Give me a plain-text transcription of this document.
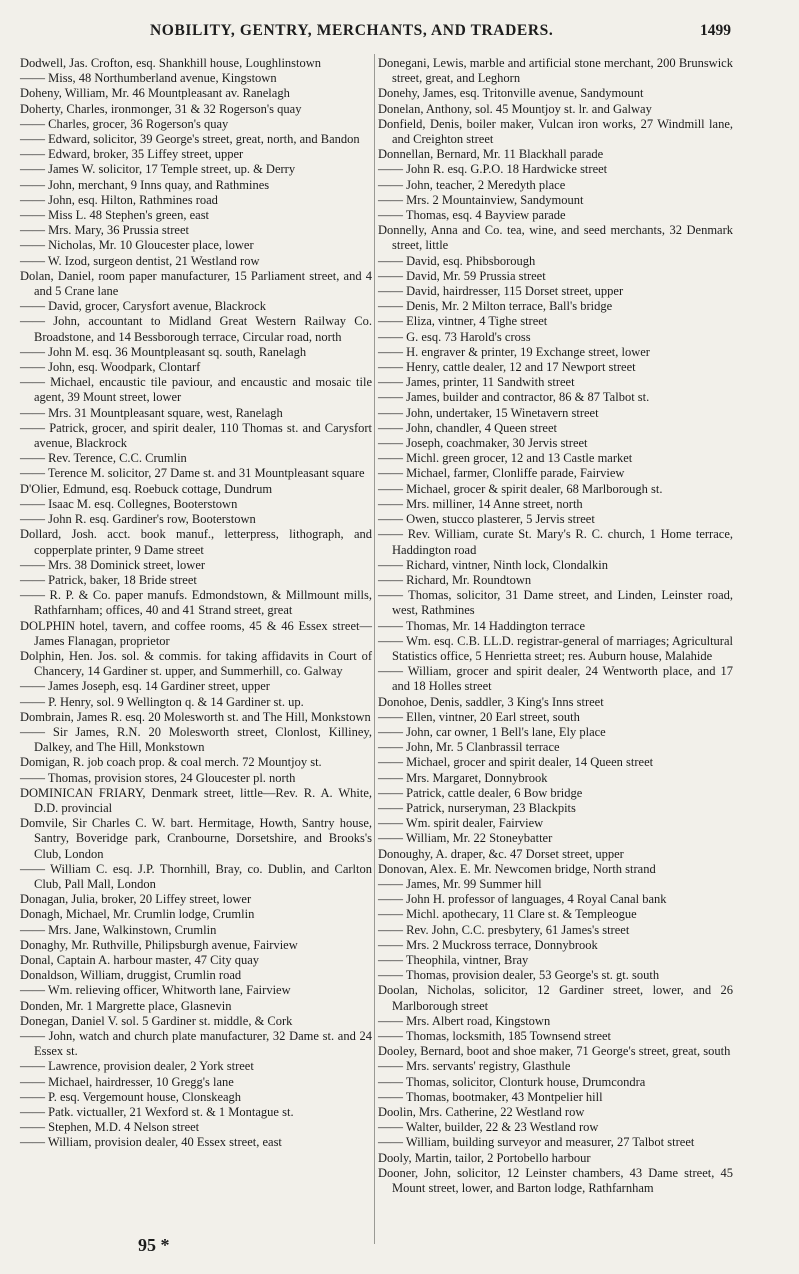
NOBILITY, GENTRY, MERCHANTS, AND TRADERS.	1499
Dodwell, Jas. Crofton, esq. Shankhill house, Loughlinstown
—— Miss, 48 Northumberland avenue, Kingstown
Doheny, William, Mr. 46 Mountpleasant av. Ranelagh
Doherty, Charles, ironmonger, 31 & 32 Rogerson's quay
—— Charles, grocer, 36 Rogerson's quay
—— Edward, solicitor, 39 George's street, great, north, and Bandon
—— Edward, broker, 35 Liffey street, upper
—— James W. solicitor, 17 Temple street, up. & Derry
—— John, merchant, 9 Inns quay, and Rathmines
—— John, esq. Hilton, Rathmines road
—— Miss L. 48 Stephen's green, east
—— Mrs. Mary, 36 Prussia street
—— Nicholas, Mr. 10 Gloucester place, lower
—— W. Izod, surgeon dentist, 21 Westland row
Dolan, Daniel, room paper manufacturer, 15 Parliament street, and 4 and 5 Crane lane
—— David, grocer, Carysfort avenue, Blackrock
—— John, accountant to Midland Great Western Railway Co. Broadstone, and 14 Bessborough terrace, Circular road, north
—— John M. esq. 36 Mountpleasant sq. south, Ranelagh
—— John, esq. Woodpark, Clontarf
—— Michael, encaustic tile paviour, and encaustic and mosaic tile agent, 39 Mount street, lower
—— Mrs. 31 Mountpleasant square, west, Ranelagh
—— Patrick, grocer, and spirit dealer, 110 Thomas st. and Carysfort avenue, Blackrock
—— Rev. Terence, C.C. Crumlin
—— Terence M. solicitor, 27 Dame st. and 31 Mountpleasant square
D'Olier, Edmund, esq. Roebuck cottage, Dundrum
—— Isaac M. esq. Collegnes, Booterstown
—— John R. esq. Gardiner's row, Booterstown
Dollard, Josh. acct. book manuf., letterpress, lithograph, and copperplate printer, 9 Dame street
—— Mrs. 38 Dominick street, lower
—— Patrick, baker, 18 Bride street
—— R. P. & Co. paper manufs. Edmondstown, & Millmount mills, Rathfarnham; offices, 40 and 41 Strand street, great
DOLPHIN hotel, tavern, and coffee rooms, 45 & 46 Essex street—James Flanagan, proprietor
Dolphin, Hen. Jos. sol. & commis. for taking affidavits in Court of Chancery, 14 Gardiner st. upper, and Summerhill, co. Galway
—— James Joseph, esq. 14 Gardiner street, upper
—— P. Henry, sol. 9 Wellington q. & 14 Gardiner st. up.
Dombrain, James R. esq. 20 Molesworth st. and The Hill, Monkstown
—— Sir James, R.N. 20 Molesworth street, Clonlost, Killiney, Dalkey, and The Hill, Monkstown
Domigan, R. job coach prop. & coal merch. 72 Mountjoy st.
—— Thomas, provision stores, 24 Gloucester pl. north
DOMINICAN FRIARY, Denmark street, little—Rev. R. A. White, D.D. provincial
Domvile, Sir Charles C. W. bart. Hermitage, Howth, Santry house, Santry, Boveridge park, Cranbourne, Dorsetshire, and Brooks's Club, London
—— William C. esq. J.P. Thornhill, Bray, co. Dublin, and Carlton Club, Pall Mall, London
Donagan, Julia, broker, 20 Liffey street, lower
Donagh, Michael, Mr. Crumlin lodge, Crumlin
—— Mrs. Jane, Walkinstown, Crumlin
Donaghy, Mr. Ruthville, Philipsburgh avenue, Fairview
Donal, Captain A. harbour master, 47 City quay
Donaldson, William, druggist, Crumlin road
—— Wm. relieving officer, Whitworth lane, Fairview
Donden, Mr. 1 Margrette place, Glasnevin
Donegan, Daniel V. sol. 5 Gardiner st. middle, & Cork
—— John, watch and church plate manufacturer, 32 Dame st. and 24 Essex st.
—— Lawrence, provision dealer, 2 York street
—— Michael, hairdresser, 10 Gregg's lane
—— P. esq. Vergemount house, Clonskeagh
—— Patk. victualler, 21 Wexford st. & 1 Montague st.
—— Stephen, M.D. 4 Nelson street
—— William, provision dealer, 40 Essex street, east
Donegani, Lewis, marble and artificial stone merchant, 200 Brunswick street, great, and Leghorn
Donehy, James, esq. Tritonville avenue, Sandymount
Donelan, Anthony, sol. 45 Mountjoy st. lr. and Galway
Donfield, Denis, boiler maker, Vulcan iron works, 27 Windmill lane, and Creighton street
Donnellan, Bernard, Mr. 11 Blackhall parade
—— John R. esq. G.P.O. 18 Hardwicke street
—— John, teacher, 2 Meredyth place
—— Mrs. 2 Mountainview, Sandymount
—— Thomas, esq. 4 Bayview parade
Donnelly, Anna and Co. tea, wine, and seed merchants, 32 Denmark street, little
—— David, esq. Phibsborough
—— David, Mr. 59 Prussia street
—— David, hairdresser, 115 Dorset street, upper
—— Denis, Mr. 2 Milton terrace, Ball's bridge
—— Eliza, vintner, 4 Tighe street
—— G. esq. 73 Harold's cross
—— H. engraver & printer, 19 Exchange street, lower
—— Henry, cattle dealer, 12 and 17 Newport street
—— James, printer, 11 Sandwith street
—— James, builder and contractor, 86 & 87 Talbot st.
—— John, undertaker, 15 Winetavern street
—— John, chandler, 4 Queen street
—— Joseph, coachmaker, 30 Jervis street
—— Michl. green grocer, 12 and 13 Castle market
—— Michael, farmer, Clonliffe parade, Fairview
—— Michael, grocer & spirit dealer, 68 Marlborough st.
—— Mrs. milliner, 14 Anne street, north
—— Owen, stucco plasterer, 5 Jervis street
—— Rev. William, curate St. Mary's R. C. church, 1 Home terrace, Haddington road
—— Richard, vintner, Ninth lock, Clondalkin
—— Richard, Mr. Roundtown
—— Thomas, solicitor, 31 Dame street, and Linden, Leinster road, west, Rathmines
—— Thomas, Mr. 14 Haddington terrace
—— Wm. esq. C.B. LL.D. registrar-general of marriages; Agricultural Statistics office, 5 Henrietta street; res. Auburn house, Malahide
—— William, grocer and spirit dealer, 24 Wentworth place, and 17 and 18 Holles street
Donohoe, Denis, saddler, 3 King's Inns street
—— Ellen, vintner, 20 Earl street, south
—— John, car owner, 1 Bell's lane, Ely place
—— John, Mr. 5 Clanbrassil terrace
—— Michael, grocer and spirit dealer, 14 Queen street
—— Mrs. Margaret, Donnybrook
—— Patrick, cattle dealer, 6 Bow bridge
—— Patrick, nurseryman, 23 Blackpits
—— Wm. spirit dealer, Fairview
—— William, Mr. 22 Stoneybatter
Donoughy, A. draper, &c. 47 Dorset street, upper
Donovan, Alex. E. Mr. Newcomen bridge, North strand
—— James, Mr. 99 Summer hill
—— John H. professor of languages, 4 Royal Canal bank
—— Michl. apothecary, 11 Clare st. & Templeogue
—— Rev. John, C.C. presbytery, 61 James's street
—— Mrs. 2 Muckross terrace, Donnybrook
—— Theophila, vintner, Bray
—— Thomas, provision dealer, 53 George's st. gt. south
Doolan, Nicholas, solicitor, 12 Gardiner street, lower, and 26 Marlborough street
—— Mrs. Albert road, Kingstown
—— Thomas, locksmith, 185 Townsend street
Dooley, Bernard, boot and shoe maker, 71 George's street, great, south
—— Mrs. servants' registry, Glasthule
—— Thomas, solicitor, Clonturk house, Drumcondra
—— Thomas, bootmaker, 43 Montpelier hill
Doolin, Mrs. Catherine, 22 Westland row
—— Walter, builder, 22 & 23 Westland row
—— William, building surveyor and measurer, 27 Talbot street
Dooly, Martin, tailor, 2 Portobello harbour
Dooner, John, solicitor, 12 Leinster chambers, 43 Dame street, 45 Mount street, lower, and Barton lodge, Rathfarnham
95 *
